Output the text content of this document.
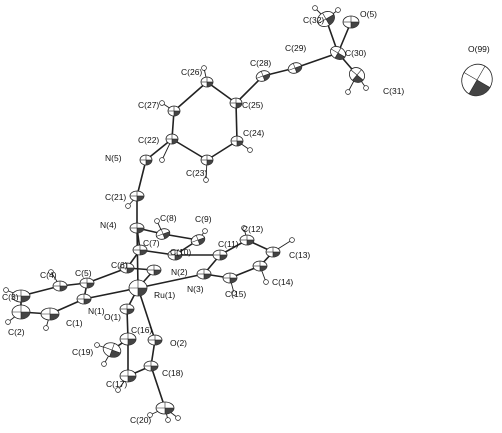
C(32)
O(5)
C(29)	C(30)
C(28)
C(26)
O(99)
C(31)
C(27)	C(25)
C(24)
C(22)
N(5)
C(23)
C(21)
N(4)
C(8) C(9)
C(12)
C(7)
C(10)
C(11)
C(13)
C(4)
C(6)
N(2)
C(5)
C(14)
N(3)	C(15)
C(3)	Ru(1)
N(1)
O(1)
C(2)
C(1)
C(16)
O(2)
C(19)
C(18)
C(17)
C(20)
